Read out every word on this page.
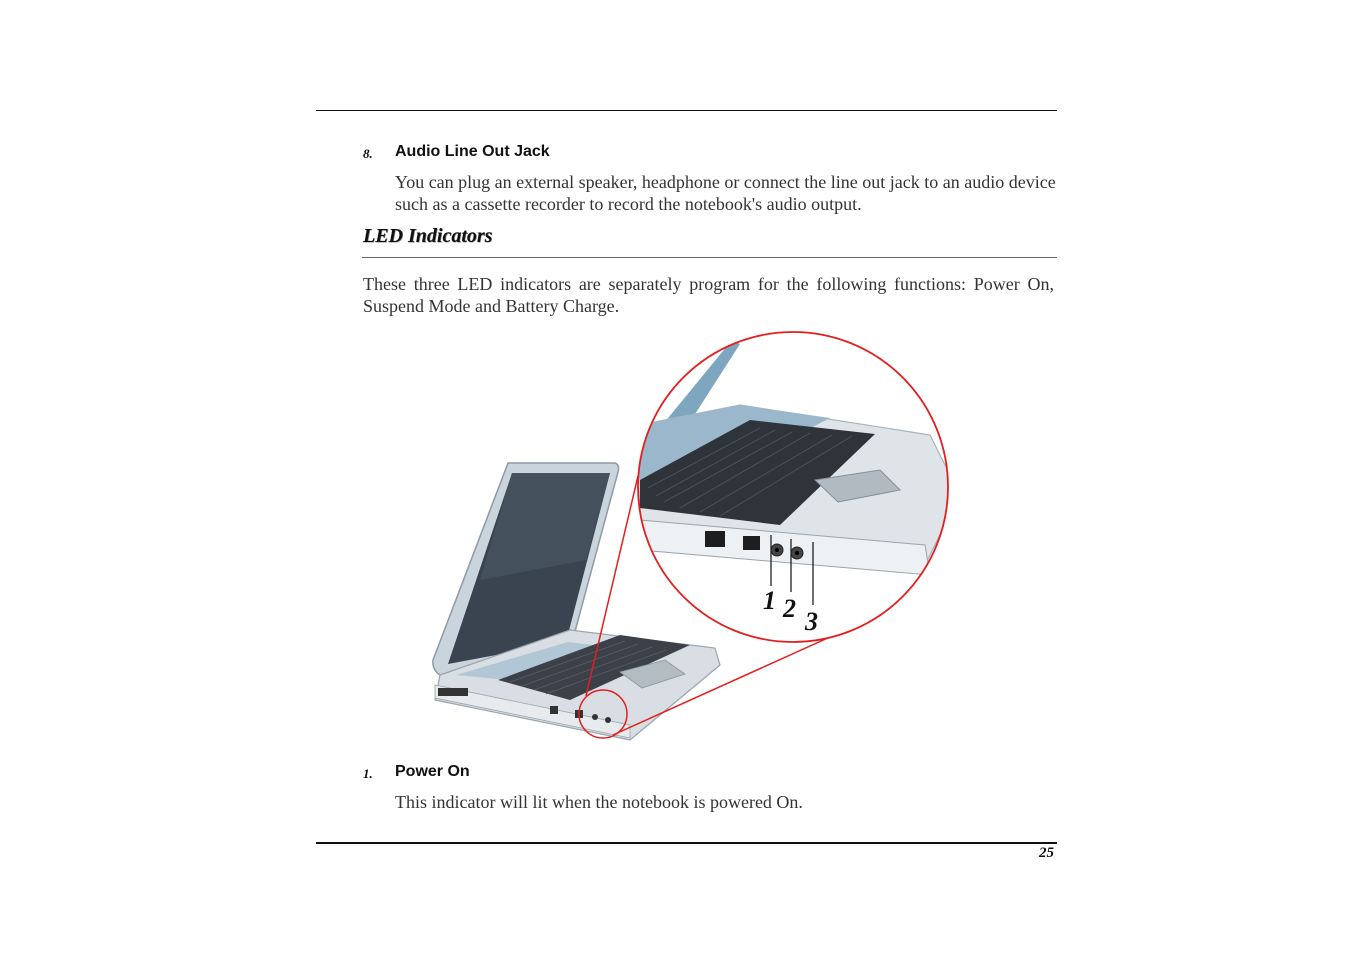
8. Audio Line Out Jack
You can plug an external speaker, headphone or connect the line out jack to an audio device such as a cassette recorder to record the notebook's audio output.
LED Indicators
These three LED indicators are separately program for the following functions: Power On, Suspend Mode and Battery Charge.
1 2 3
1. Power On
This indicator will lit when the notebook is powered On.
25
